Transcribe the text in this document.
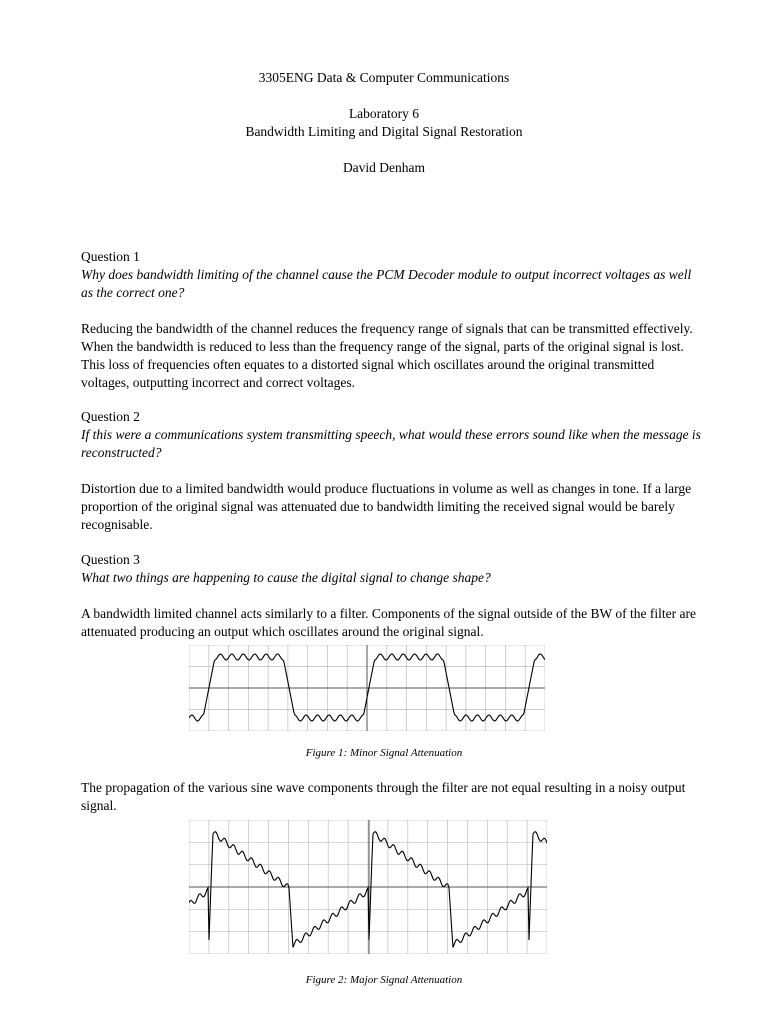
3305ENG Data & Computer Communications
Laboratory 6
Bandwidth Limiting and Digital Signal Restoration
David Denham

Question 1

Why does bandwidth limiting of the channel cause the PCM Decoder module to output incorrect voltages as well as the correct one?

Reducing the bandwidth of the channel reduces the frequency range of signals that can be transmitted effectively. When the bandwidth is reduced to less than the frequency range of the signal, parts of the original signal is lost. This loss of frequencies often equates to a distorted signal which oscillates around the original transmitted voltages, outputting incorrect and correct voltages.

Question 2

If this were a communications system transmitting speech, what would these errors sound like when the message is reconstructed?

Distortion due to a limited bandwidth would produce fluctuations in volume as well as changes in tone. If a large proportion of the original signal was attenuated due to bandwidth limiting the received signal would be barely recognisable.

Question 3

What two things are happening to cause the digital signal to change shape?

A bandwidth limited channel acts similarly to a filter. Components of the signal outside of the BW of the filter are attenuated producing an output which oscillates around the original signal.

Figure 1: Minor Signal Attenuation

The propagation of the various sine wave components through the filter are not equal resulting in a noisy output signal.

Figure 2: Major Signal Attenuation
